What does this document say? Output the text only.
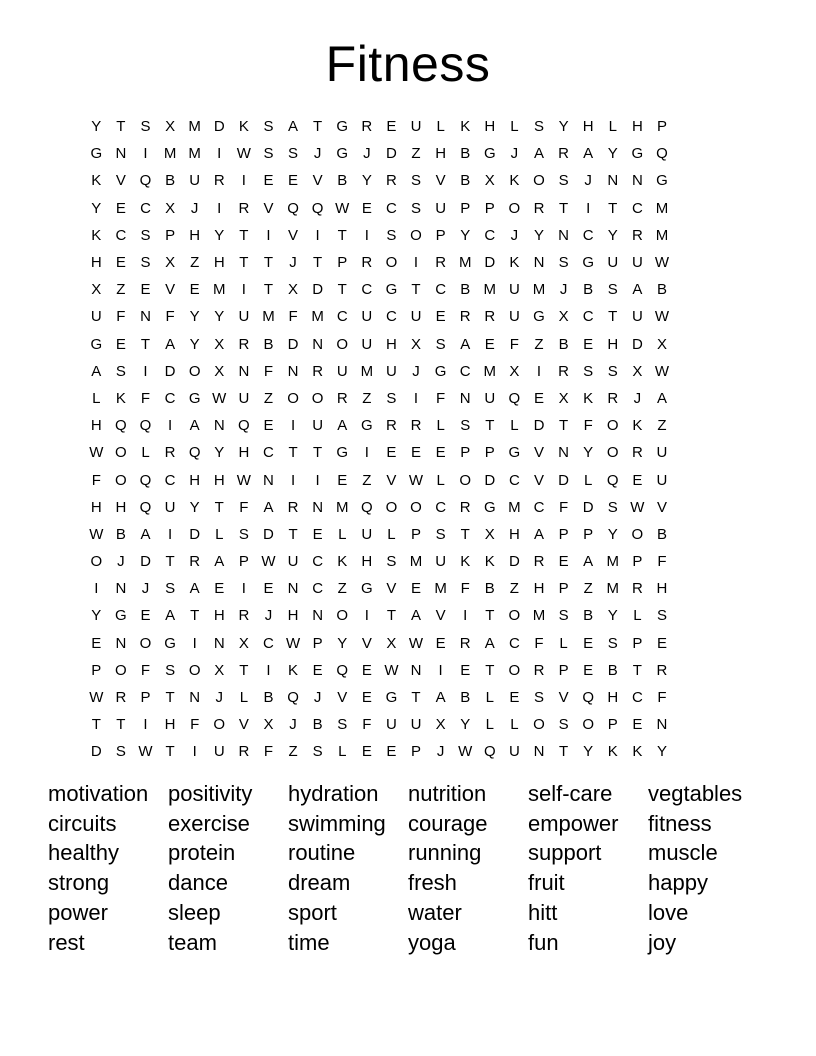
Fitness
Y	T	S X M D K S A	T G R E U	L	K H	L	S Y H	L	H P
G N	I	M M	I	W S S	J	G	J	D Z H B G	J	A R A Y G Q
K V Q B U R	I	E E V B Y R S V B X K O S	J	N N G
Y E C X	J	I	R V Q Q W E C S U P P O R T	I	T C M
K C S P H Y	T	I	V	I	T	I	S O P Y C	J	Y N C Y R M
H E S X	Z H T	T	J	T	P R O	I	R M D K N S G U U W
X	Z	E V E M	I	T	X D T C G T C B M U M J	B S A B
U F N F	Y Y U M F M C U C U E R R U G X C T U W
G E	T	A Y X R B D N O U H X S A E	F	Z	B E H D X
A S	I	D O X N F N R U M U	J	G C M X	I	R S S X W
L	K	F C G W U Z O O R Z	S	I	F N U Q E X K R	J	A
H Q Q	I	A N Q E	I	U A G R R	L	S	T	L	D T	F O K	Z
W O L	R Q Y H C T	T G	I	E E E P P G V N Y O R U
F O Q C H H W N	I	I	E	Z	V W L O D C V D	L Q E U
H H Q U Y	T	F	A R N M Q O O C R G M C F D S W V
W B A	I	D	L	S D T	E	L	U	L	P S	T	X H A P P Y O B
O	J	D T R A P W U C K H S M U K K D R E A M P	F
I	N	J	S A E	I	E N C Z G V E M F	B	Z H P	Z M R H
Y G E A	T H R	J	H N O	I	T	A V	I	T O M S B Y	L	S
E N O G	I	N X C W P Y V X W E R A C F	L	E S P E
P O F	S O X	T	I	K E Q E W N	I	E	T O R P E B	T R
W R P	T N	J	L	B Q	J	V E G T	A B	L	E S V Q H C F
T	T	I	H F O V X	J	B S	F U U X Y	L	L O S O P E N
D S W T	I	U R F	Z	S	L	E E P	J W Q U N T	Y K K Y
motivation positivity	hydration	nutrition	self-care	vegtables
circuits	exercise	swimming	courage	empower	fitness
healthy	protein	routine	running	support	muscle
strong	dance	dream	fresh	fruit	happy
power	sleep	sport	water	hitt	love
rest	team	time	yoga	fun	joy
